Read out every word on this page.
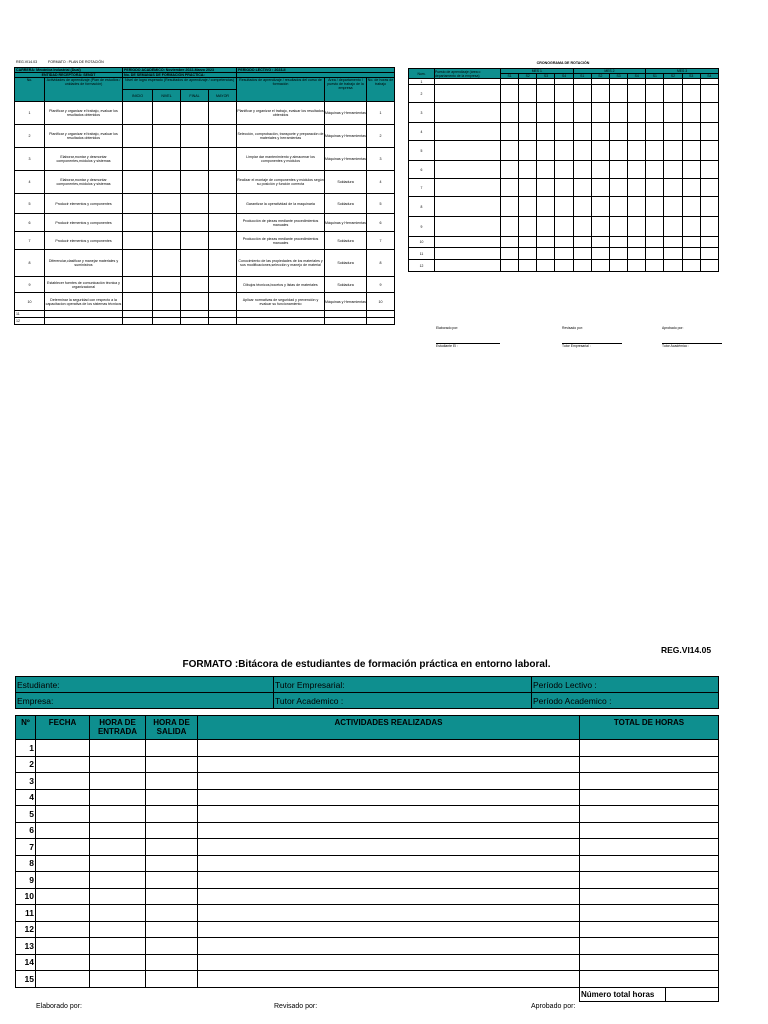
REG.VI14.03	FORMATO : PLAN DE ROTACIÓN
CARRERA: Mecánica Industrial (Dual)		PERÍODO ACADÉMICO: Noviembre 2022-Marzo 2023				PERÍODO LECTIVO : 2023-II		
ENTIDAD RECEPTORA: SENDT		No. DE SEMANAS DE FORMACIÓN PRÁCTICA:						
No.	Actividades de aprendizaje (Plan de estudios / unidades de formación)	Nivel de logro esperado (Resultados de aprendizaje / competencias)				Resultados de aprendizaje / resultados del curso de formación	Área / departamento / puesto de trabajo de la empresa	No. de horas de trabajo
		INICIO	NIVEL	FINAL	MAYOR			
1	Planificar y organizar el trabajo, evaluar los resultados obtenidos					Planificar y organizar el trabajo, evaluar los resultados obtenidos	Máquinas y Herramientas	1
2	Planificar y organizar el trabajo, evaluar los resultados obtenidos					Selección, comprobación, transporte y preparación de materiales y herramientas	Máquinas y Herramientas	2
3	Elaborar,montar y desmontar componentes,módulos y sistemas					Limpiar dar mantenimiento y almacenar los componentes y módulos	Máquinas y Herramientas	3
4	Elaborar,montar y desmontar componentes,módulos y sistemas					Realizar el montaje de componentes y módulos según su posición y función correcta	Soldadura	4
5	Producir elementos y componentes					Garantizar la operatividad de la maquinaria	Soldadura	5
6	Producir elementos y componentes					Producción de piezas mediante procedimientos manuales	Máquinas y Herramientas	6
7	Producir elementos y componentes					Producción de piezas mediante procedimientos manuales	Soldadura	7
8	Diferenciar,clasificar y manejar materiales y suministros					Conocimiento de las propiedades de los materiales y sus modificaciones,selección y manejo de material	Soldadura	8
9	Establecer fuentes de comunicación técnica y organizacional					Dibujos técnicos,bocetos y listas de materiales	Soldadura	9
10	Determinar la seguridad con respecto a la capacitacion operativa de los sistemas técnicos					Aplicar normativas de seguridad y prevención y evaluar su funcionamiento	Máquinas y Herramientas	10
11								
12								
CRONOGRAMA DE ROTACIÓN
Num.	Puesto de aprendizaje (área o departamento de la empresa)	MES 1				MES 2				MES 3			
		S1	S2	S3	S4	S1	S2	S3	S4	S1	S2	S3	S4
1													
2													
3													
4													
5													
6													
7													
8													
9													
10													
11													
12													
Elaborado por:	Revisado por:	Aprobado por:
Estudiante EI :	Tutor Empresarial :	Tutor Académico :
REG.VI14.05
FORMATO :Bitácora de estudiantes de formación práctica en entorno laboral.
Estudiante:	Tutor Empresarial:	Período Lectivo :
Empresa:	Tutor Academico :	Período Academico :
Nº	FECHA	HORA DE ENTRADA	HORA DE SALIDA	ACTIVIDADES REALIZADAS	TOTAL DE HORAS
1					
2					
3					
4					
5					
6					
7					
8					
9					
10					
11					
12					
13					
14					
15					
Número total horas	
Elaborado por:	Revisado por:	Aprobado por:
